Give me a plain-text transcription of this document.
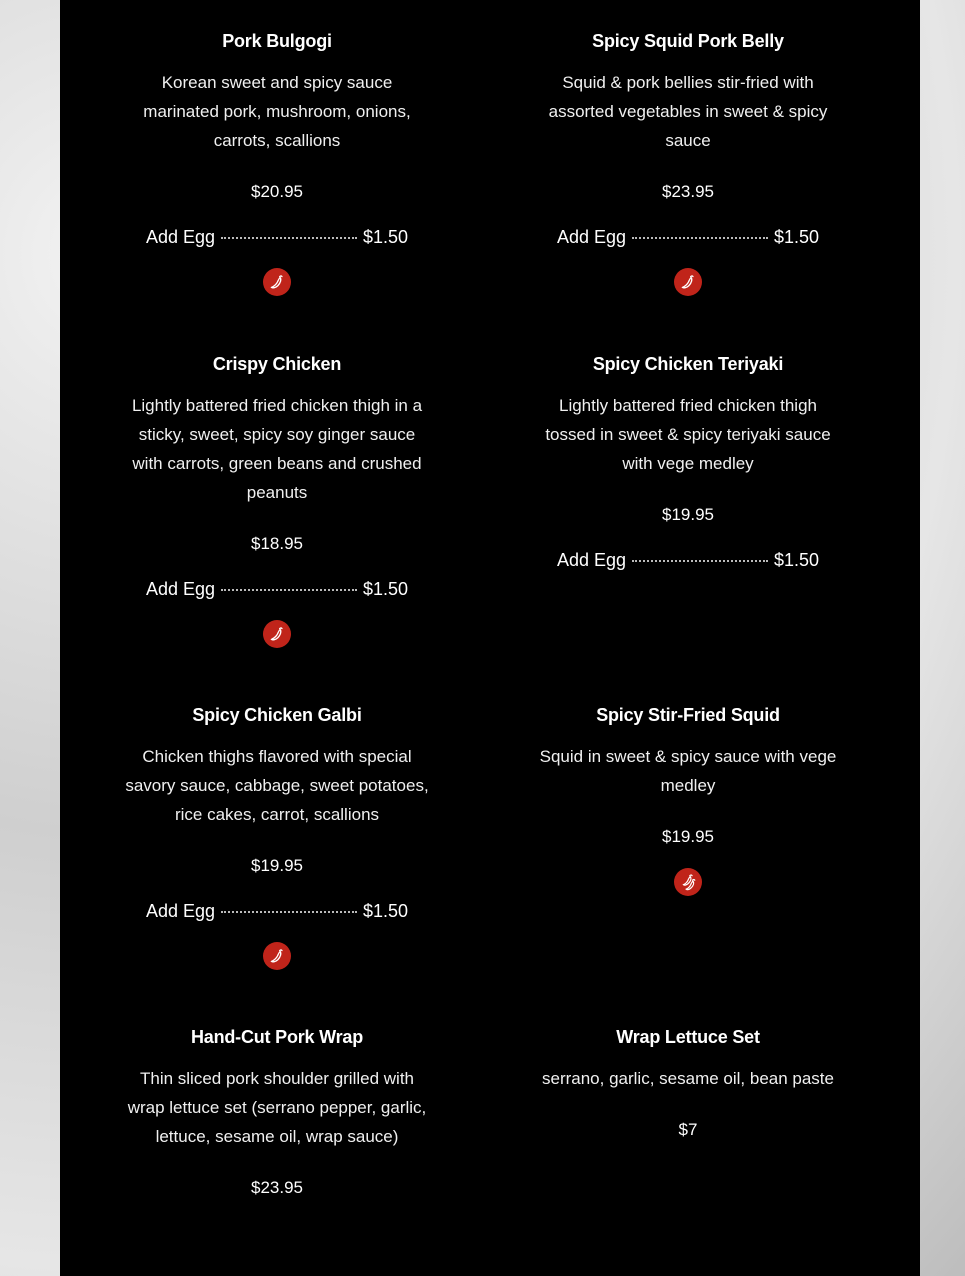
Pork Bulgogi
Korean sweet and spicy sauce marinated pork, mushroom, onions, carrots, scallions
$20.95
Add Egg	$1.50
Spicy Squid Pork Belly
Squid & pork bellies stir-fried with assorted vegetables in sweet & spicy sauce
$23.95
Add Egg	$1.50
Crispy Chicken
Lightly battered fried chicken thigh in a sticky, sweet, spicy soy ginger sauce with carrots, green beans and crushed peanuts
$18.95
Add Egg	$1.50
Spicy Chicken Teriyaki
Lightly battered fried chicken thigh tossed in sweet & spicy teriyaki sauce with vege medley
$19.95
Add Egg	$1.50
Spicy Chicken Galbi
Chicken thighs flavored with special savory sauce, cabbage, sweet potatoes, rice cakes, carrot, scallions
$19.95
Add Egg	$1.50
Spicy Stir-Fried Squid
Squid in sweet & spicy sauce with vege medley
$19.95
Hand-Cut Pork Wrap
Thin sliced pork shoulder grilled with wrap lettuce set (serrano pepper, garlic, lettuce, sesame oil, wrap sauce)
$23.95
Wrap Lettuce Set
serrano, garlic, sesame oil, bean paste
$7
